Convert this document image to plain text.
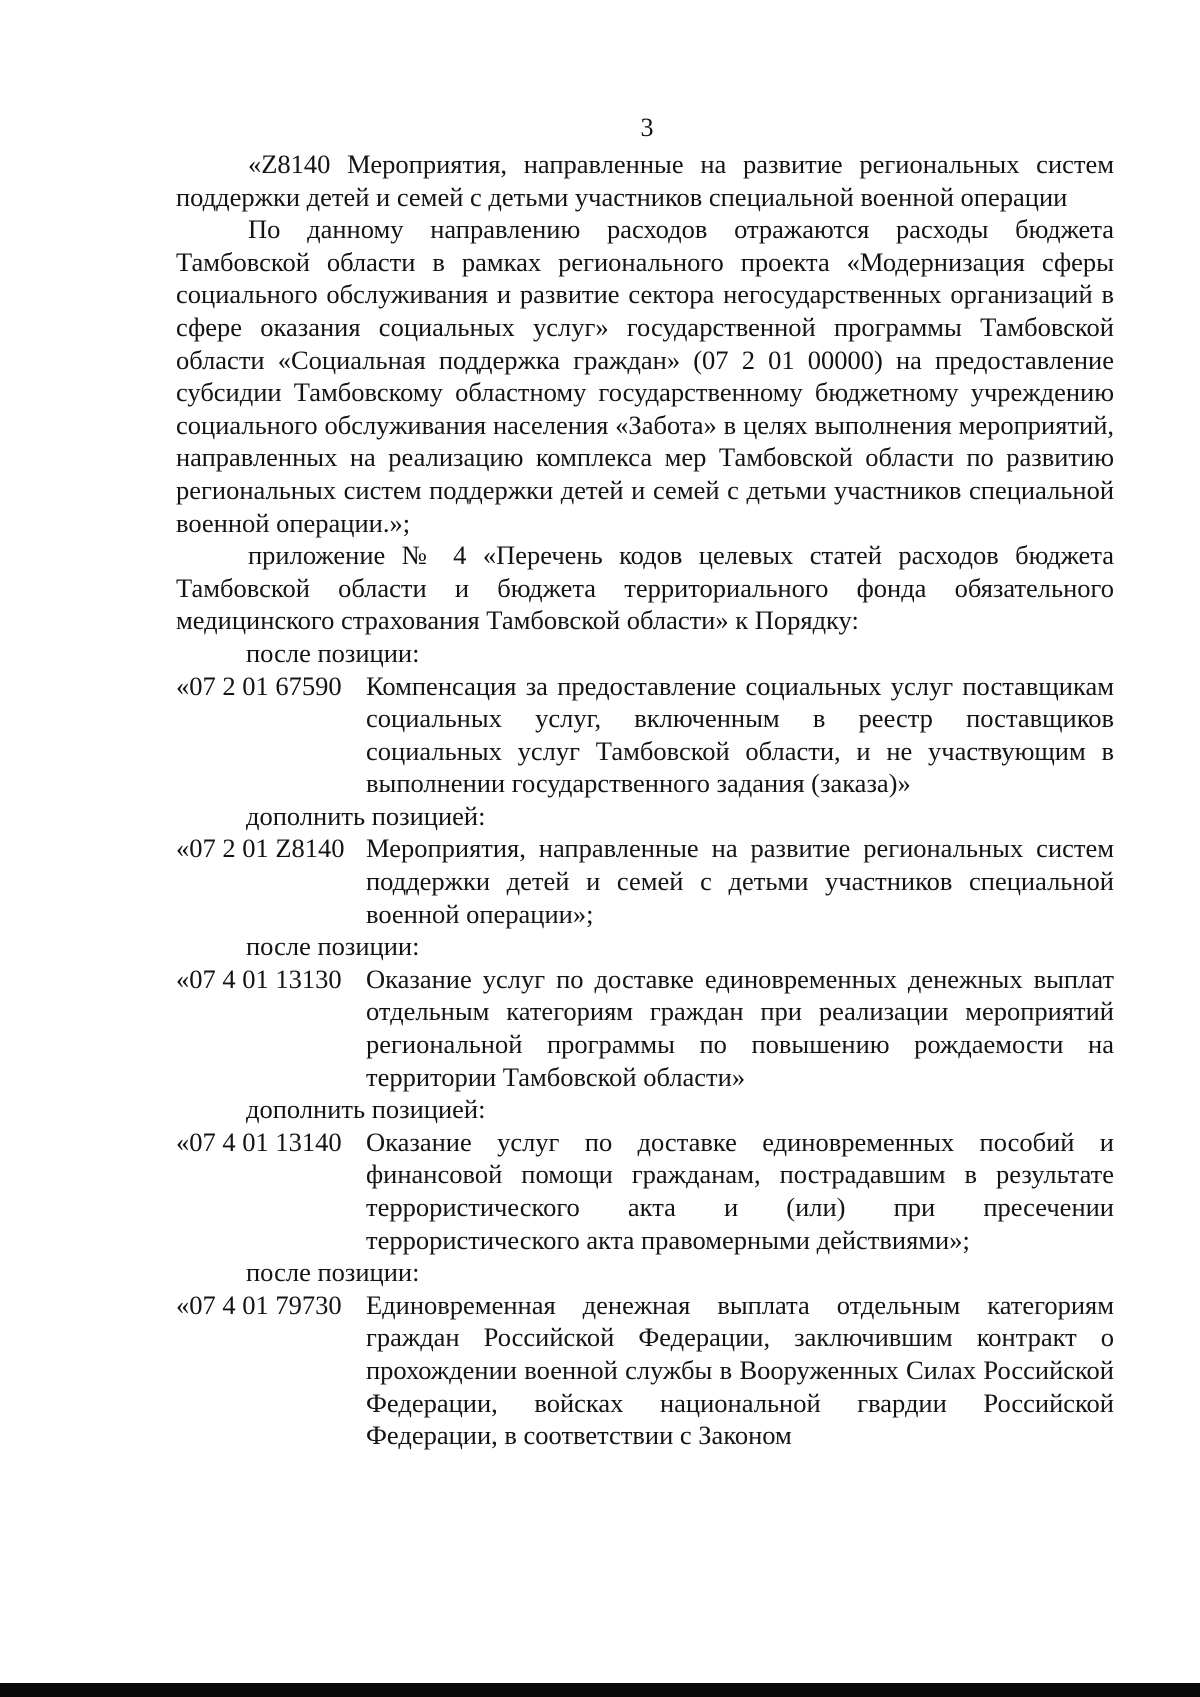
3

«Z8140 Мероприятия, направленные на развитие региональных систем поддержки детей и семей с детьми участников специальной военной операции

По данному направлению расходов отражаются расходы бюджета Тамбовской области в рамках регионального проекта «Модернизация сферы социального обслуживания и развитие сектора негосударственных организаций в сфере оказания социальных услуг» государственной программы Тамбовской области «Социальная поддержка граждан» (07 2 01 00000) на предоставление субсидии Тамбовскому областному государственному бюджетному учреждению социального обслуживания населения «Забота» в целях выполнения мероприятий, направленных на реализацию комплекса мер Тамбовской области по развитию региональных систем поддержки детей и семей с детьми участников специальной военной операции.»;

приложение № 4 «Перечень кодов целевых статей расходов бюджета Тамбовской области и бюджета территориального фонда обязательного медицинского страхования Тамбовской области» к Порядку:

после позиции:

«07 2 01 67590 Компенсация за предоставление социальных услуг поставщикам социальных услуг, включенным в реестр поставщиков социальных услуг Тамбовской области, и не участвующим в выполнении государственного задания (заказа)»

дополнить позицией:

«07 2 01 Z8140 Мероприятия, направленные на развитие региональных систем поддержки детей и семей с детьми участников специальной военной операции»;

после позиции:

«07 4 01 13130 Оказание услуг по доставке единовременных денежных выплат отдельным категориям граждан при реализации мероприятий региональной программы по повышению рождаемости на территории Тамбовской области»

дополнить позицией:

«07 4 01 13140 Оказание услуг по доставке единовременных пособий и финансовой помощи гражданам, пострадавшим в результате террористического акта и (или) при пресечении террористического акта правомерными действиями»;

после позиции:

«07 4 01 79730 Единовременная денежная выплата отдельным категориям граждан Российской Федерации, заключившим контракт о прохождении военной службы в Вооруженных Силах Российской Федерации, войсках национальной гвардии Российской Федерации, в соответствии с Законом
